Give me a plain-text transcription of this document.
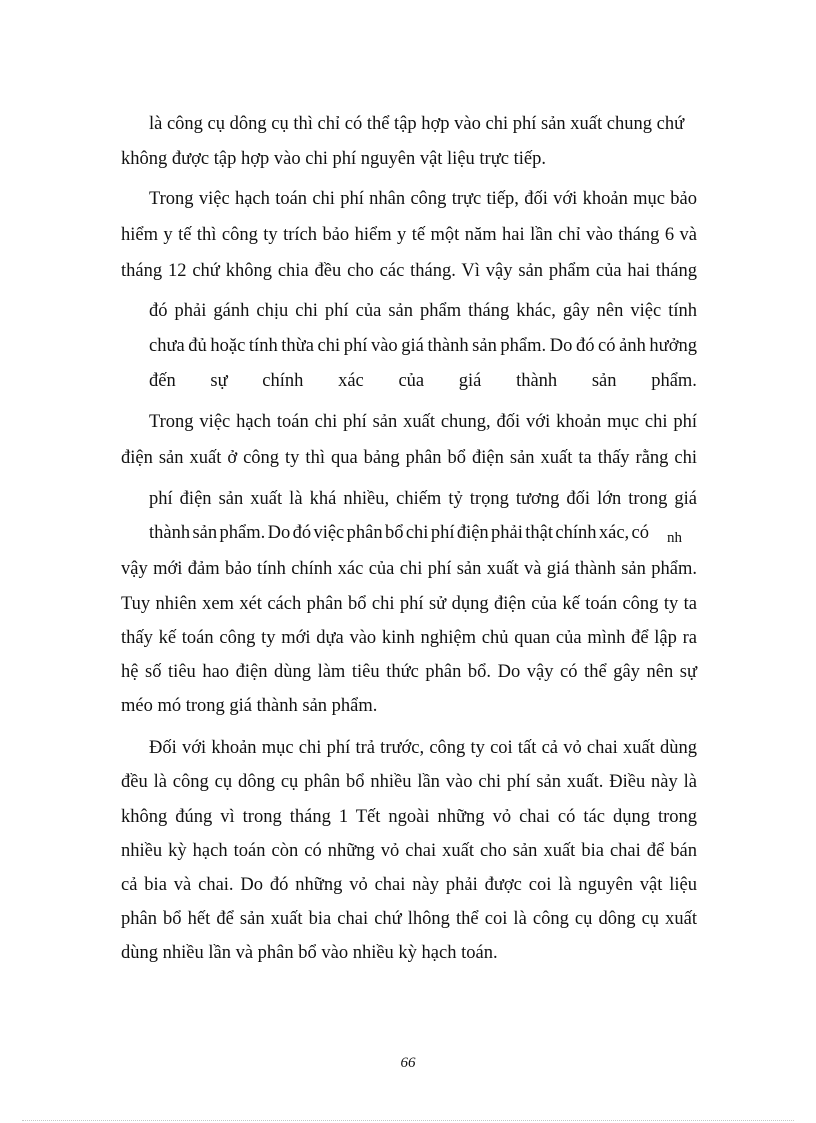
là công cụ dông cụ thì chỉ có thể tập hợp vào chi phí sản xuất chung chứ
không được tập hợp vào chi phí nguyên vật liệu trực tiếp.
Trong việc hạch toán chi phí nhân công trực tiếp, đối với khoản mục bảo
hiểm y tế thì công ty trích bảo hiểm y tế một năm hai lần chỉ vào tháng 6 và
tháng 12 chứ không chia đều cho các tháng. Vì vậy sản phẩm của hai tháng
đó phải gánh chịu chi phí của sản phẩm tháng khác, gây nên việc tính
chưa đủ hoặc tính thừa chi phí vào giá thành sản phẩm. Do đó có ảnh hưởng
đến sự chính xác của giá thành sản phẩm.
Trong việc hạch toán chi phí sản xuất chung, đối với khoản mục chi phí
điện sản xuất ở công ty thì qua bảng phân bổ điện sản xuất ta thấy rằng chi
phí điện sản xuất là khá nhiều, chiếm tỷ trọng tương đối lớn trong giá
thành sản phẩm. Do đó việc phân bổ chi phí điện phải thật chính xác, có nh
vậy mới đảm bảo tính chính xác của chi phí sản xuất và giá thành sản phẩm.
Tuy nhiên xem xét cách phân bổ chi phí sử dụng điện của kế toán công ty ta
thấy kế toán công ty mới dựa vào kinh nghiệm chủ quan của mình để lập ra
hệ số tiêu hao điện dùng làm tiêu thức phân bổ. Do vậy có thể gây nên sự
méo mó trong giá thành sản phẩm.
Đối với khoản mục chi phí trả trước, công ty coi tất cả vỏ chai xuất dùng
đều là công cụ dông cụ phân bổ nhiều lần vào chi phí sản xuất. Điều này là
không đúng vì trong tháng 1 Tết ngoài những vỏ chai có tác dụng trong
nhiều kỳ hạch toán còn có những vỏ chai xuất cho sản xuất bia chai để bán
cả bia và chai. Do đó những vỏ chai này phải được coi là nguyên vật liệu
phân bổ hết để sản xuất bia chai chứ lhông thể coi là công cụ dông cụ xuất
dùng nhiều lần và phân bổ vào nhiều kỳ hạch toán.
66
